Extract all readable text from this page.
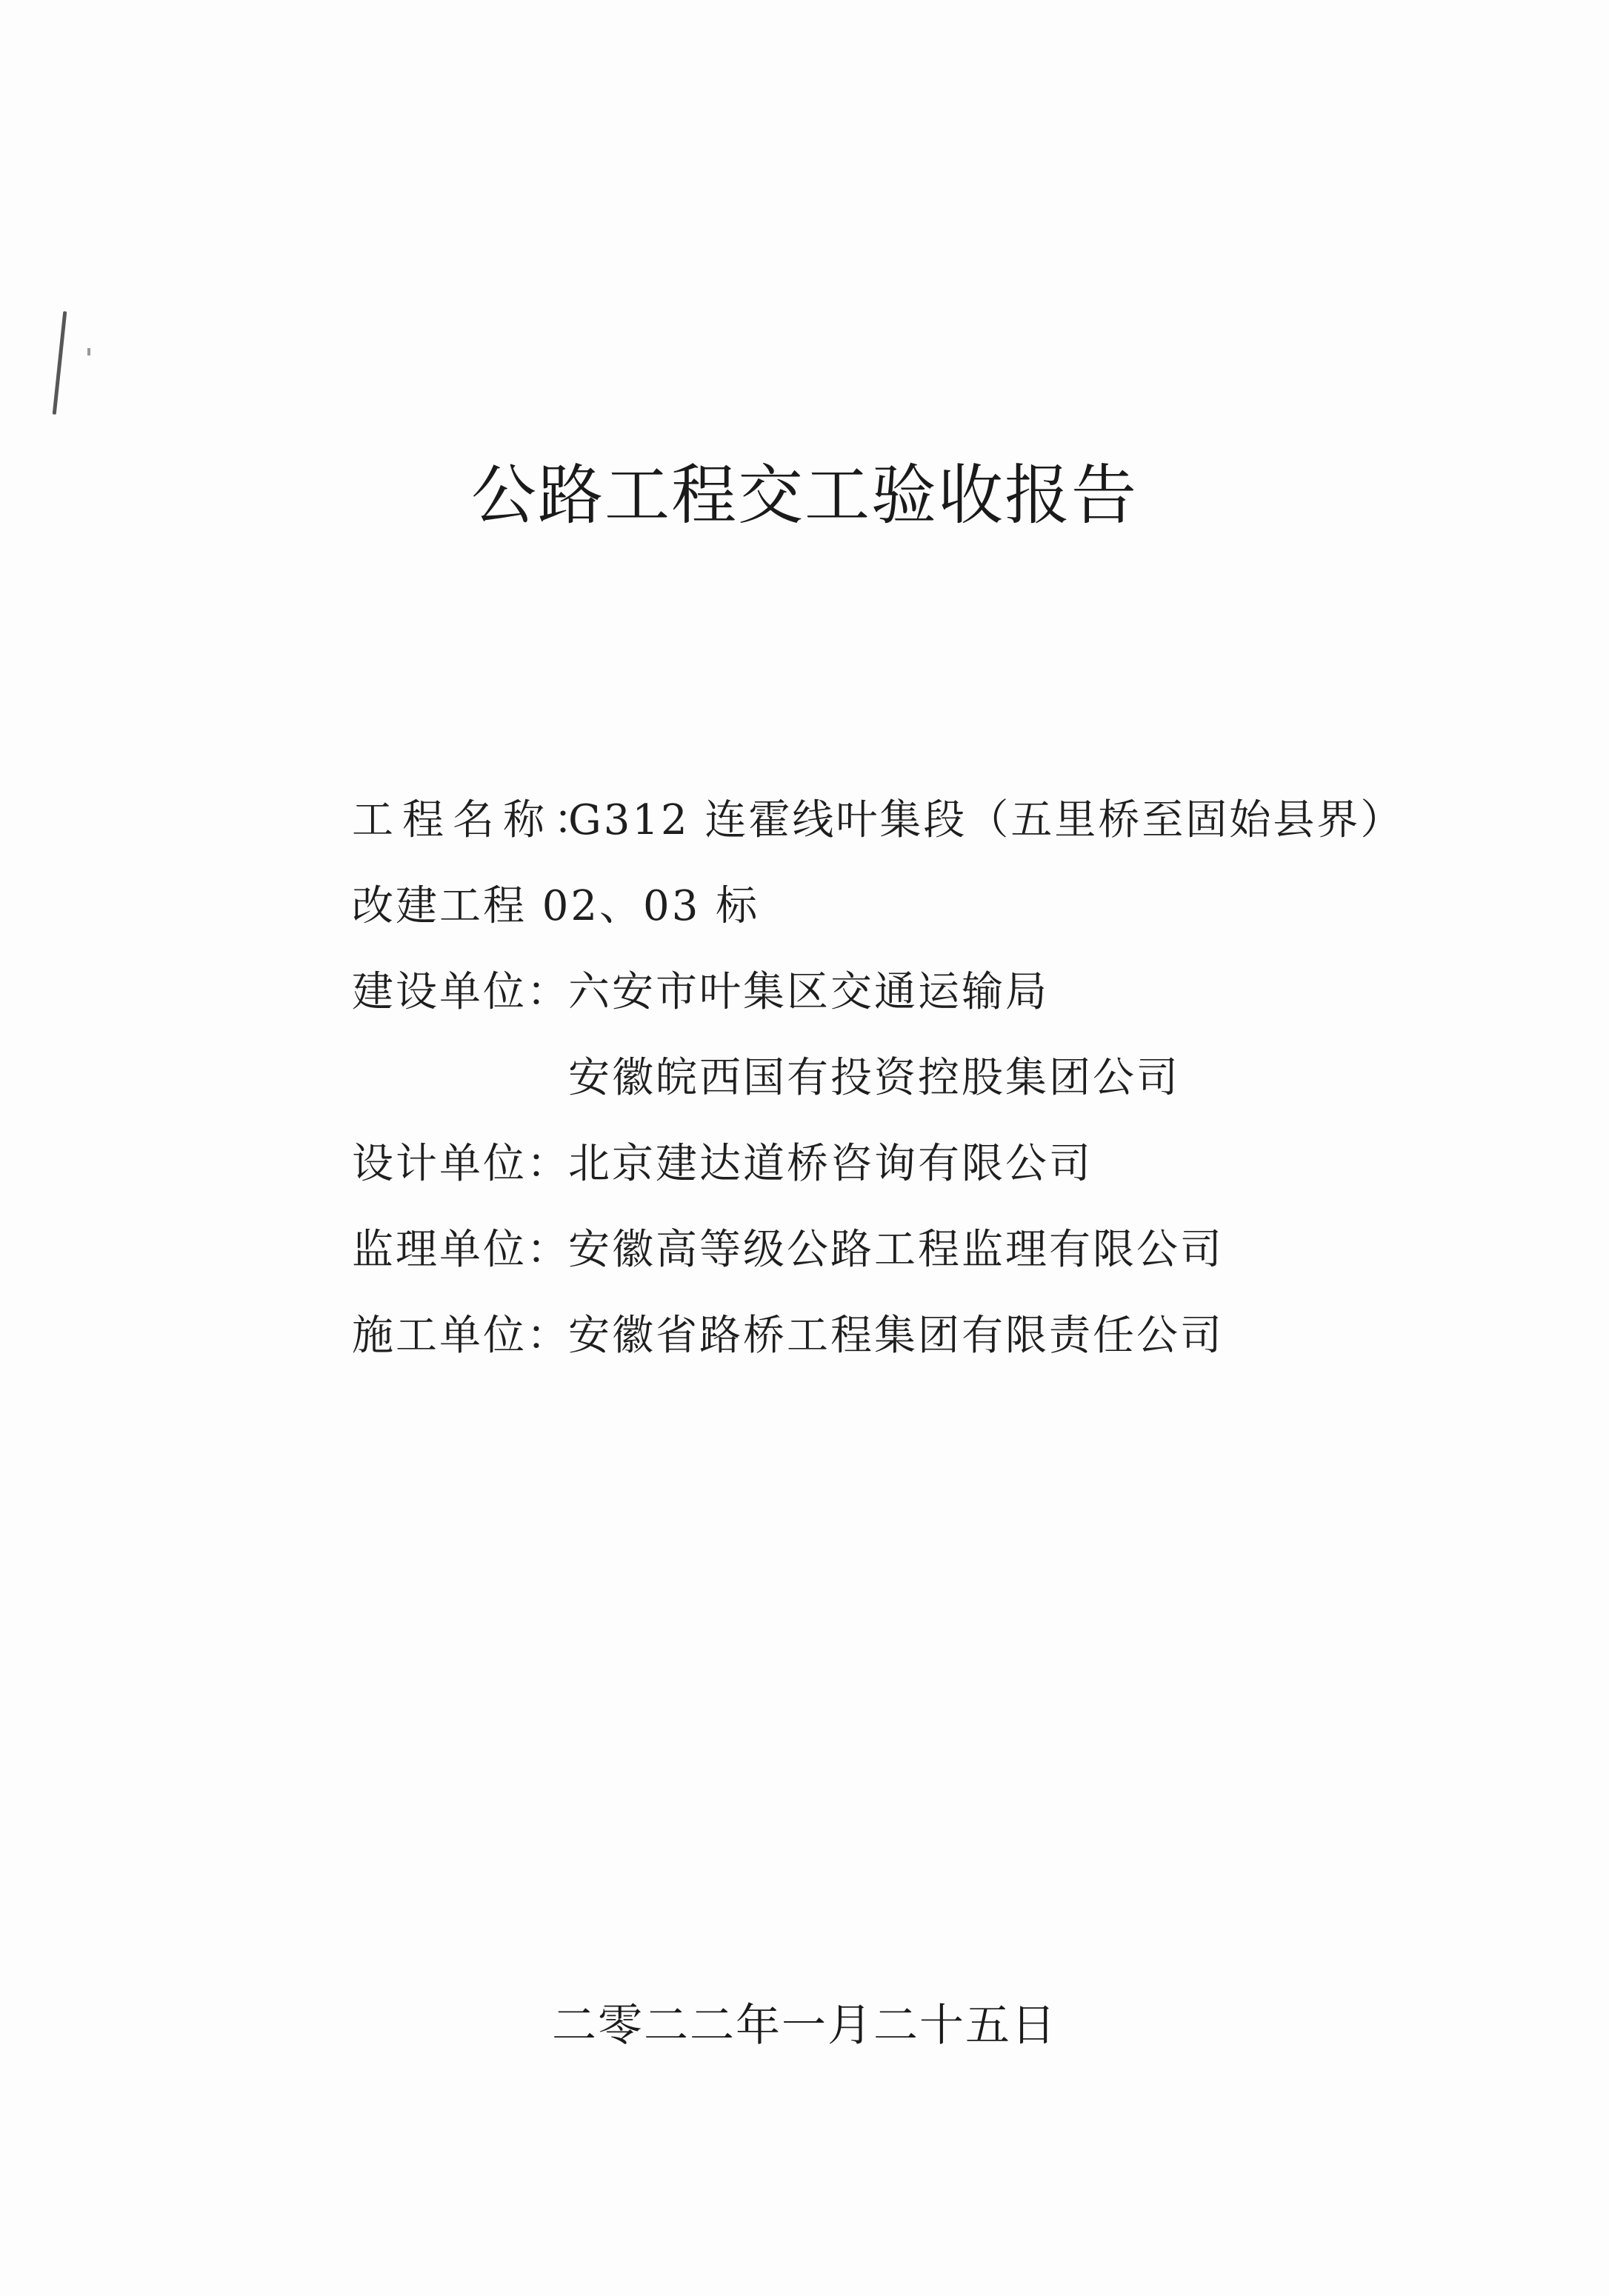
公路工程交工验收报告
工程名称：G312 连霍线叶集段（五里桥至固始县界）
改建工程 02、03 标
建设单位：六安市叶集区交通运输局
安徽皖西国有投资控股集团公司
设计单位：北京建达道桥咨询有限公司
监理单位：安徽高等级公路工程监理有限公司
施工单位：安徽省路桥工程集团有限责任公司
二零二二年一月二十五日
